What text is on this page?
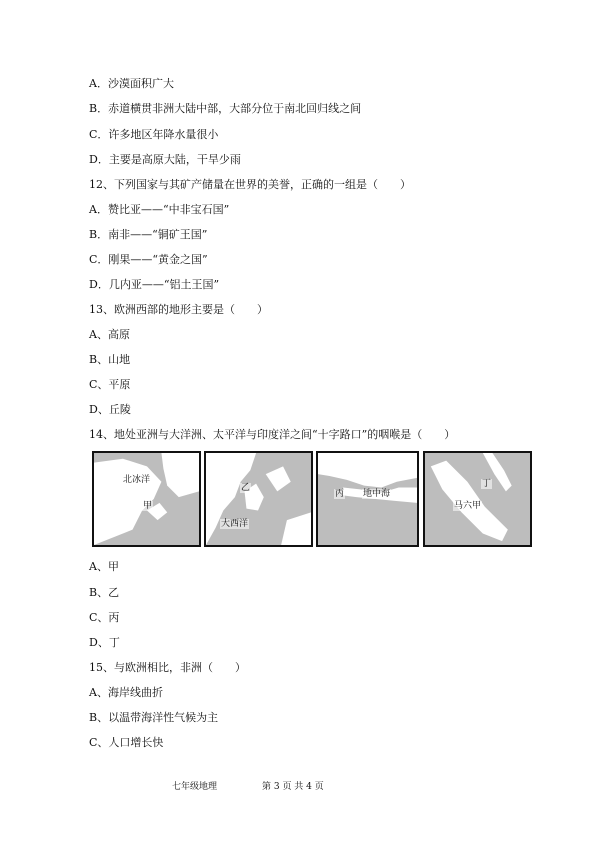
A．沙漠面积广大
B．赤道横贯非洲大陆中部，大部分位于南北回归线之间
C．许多地区年降水量很小
D．主要是高原大陆，干旱少雨
12、下列国家与其矿产储量在世界的美誉，正确的一组是（　　）
A．赞比亚——“中非宝石国”
B．南非——“铜矿王国”
C．刚果——“黄金之国”
D．几内亚——“铝土王国”
13、欧洲西部的地形主要是（　　）
A、高原
B、山地
C、平原
D、丘陵
14、地处亚洲与大洋洲、太平洋与印度洋之间“十字路口”的咽喉是（　　）
北冰洋
甲
乙
大西洋
丙 地中海
丁
马六甲
A、甲
B、乙
C、丙
D、丁
15、与欧洲相比，非洲（　　）
A、海岸线曲折
B、以温带海洋性气候为主
C、人口增长快
七年级地理	第 3 页 共 4 页
